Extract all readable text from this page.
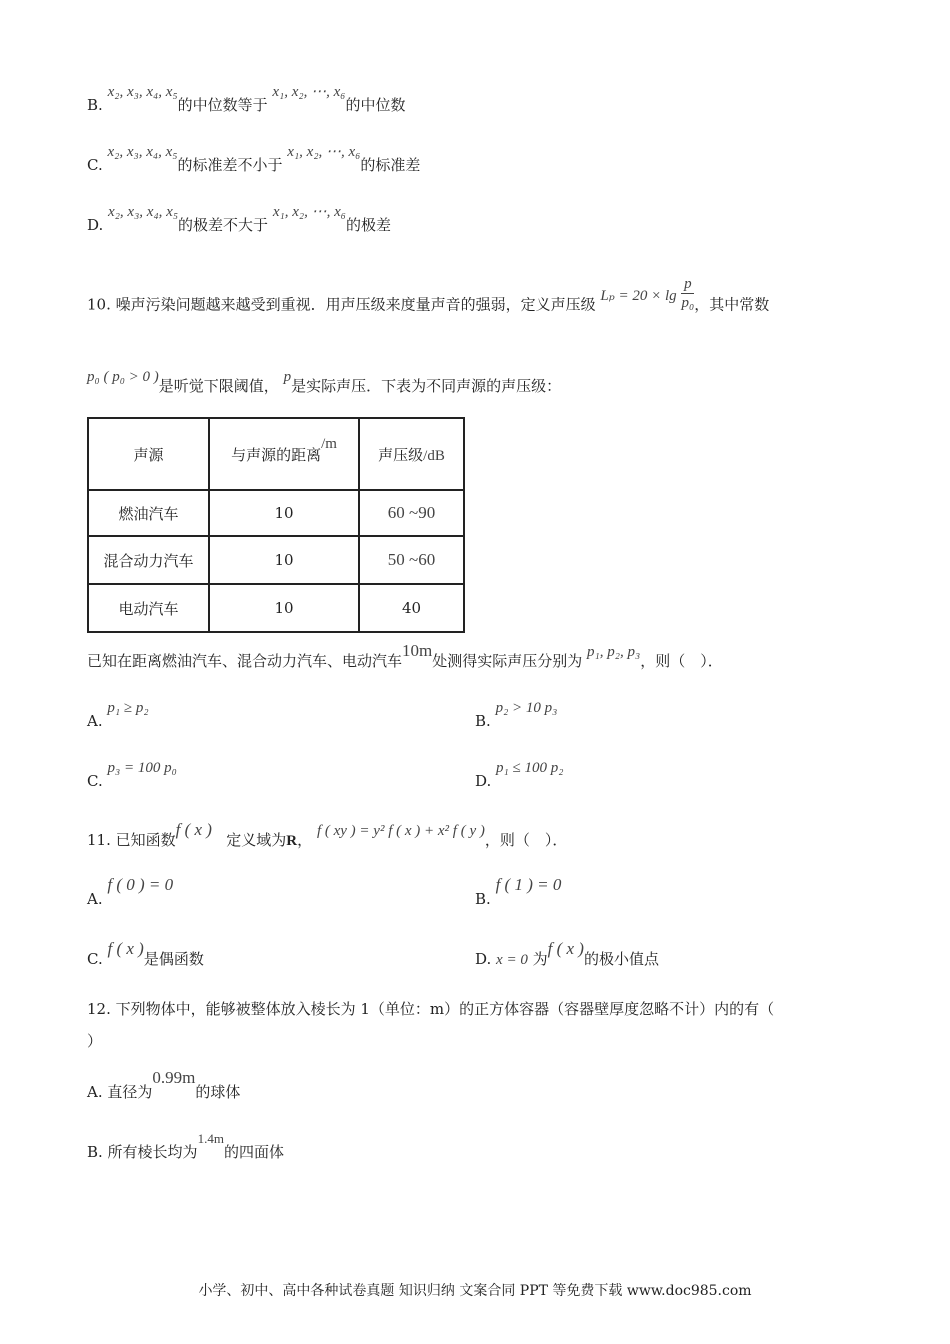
B. x₂, x₃, x₄, x₅的中位数等于 x₁, x₂, ⋯, x₆的中位数
C. x₂, x₃, x₄, x₅的标准差不小于 x₁, x₂, ⋯, x₆的标准差
D. x₂, x₃, x₄, x₅的极差不大于 x₁, x₂, ⋯, x₆的极差
10. 噪声污染问题越来越受到重视．用声压级来度量声音的强弱，定义声压级 $L_p = 20 \times \lg \frac{p}{\text{p₀}}$ ，其中常数
p₀ ( p₀ > 0 )是听觉下限阈值， p是实际声压．下表为不同声源的声压级：
声源	与声源的距离/m	声压级/dB
燃油汽车	10	60 ~90
混合动力汽车	10	50 ~60
电动汽车	10	40
已知在距离燃油汽车、混合动力汽车、电动汽车10m处测得实际声压分别为 p₁, p₂, p₃，则（　）．
A. p₁ ≥ p₂
B. p₂ > 10 p₃
C. p₃ = 100 p₀
D. p₁ ≤ 100 p₂
11. 已知函数f ( x )   定义域为R， f ( xy ) = y² f ( x ) + x² f ( y )，则（　）．
A. f ( 0 ) = 0
B. f ( 1 ) = 0
C. f ( x )是偶函数	D. x = 0 为f ( x )的极小值点
12. 下列物体中，能够被整体放入棱长为 1（单位：m）的正方体容器（容器壁厚度忽略不计）内的有（
）
A. 直径为0.99m的球体
B. 所有棱长均为1.4m的四面体
小学、初中、高中各种试卷真题 知识归纳 文案合同 PPT 等免费下载 www.doc985.com
